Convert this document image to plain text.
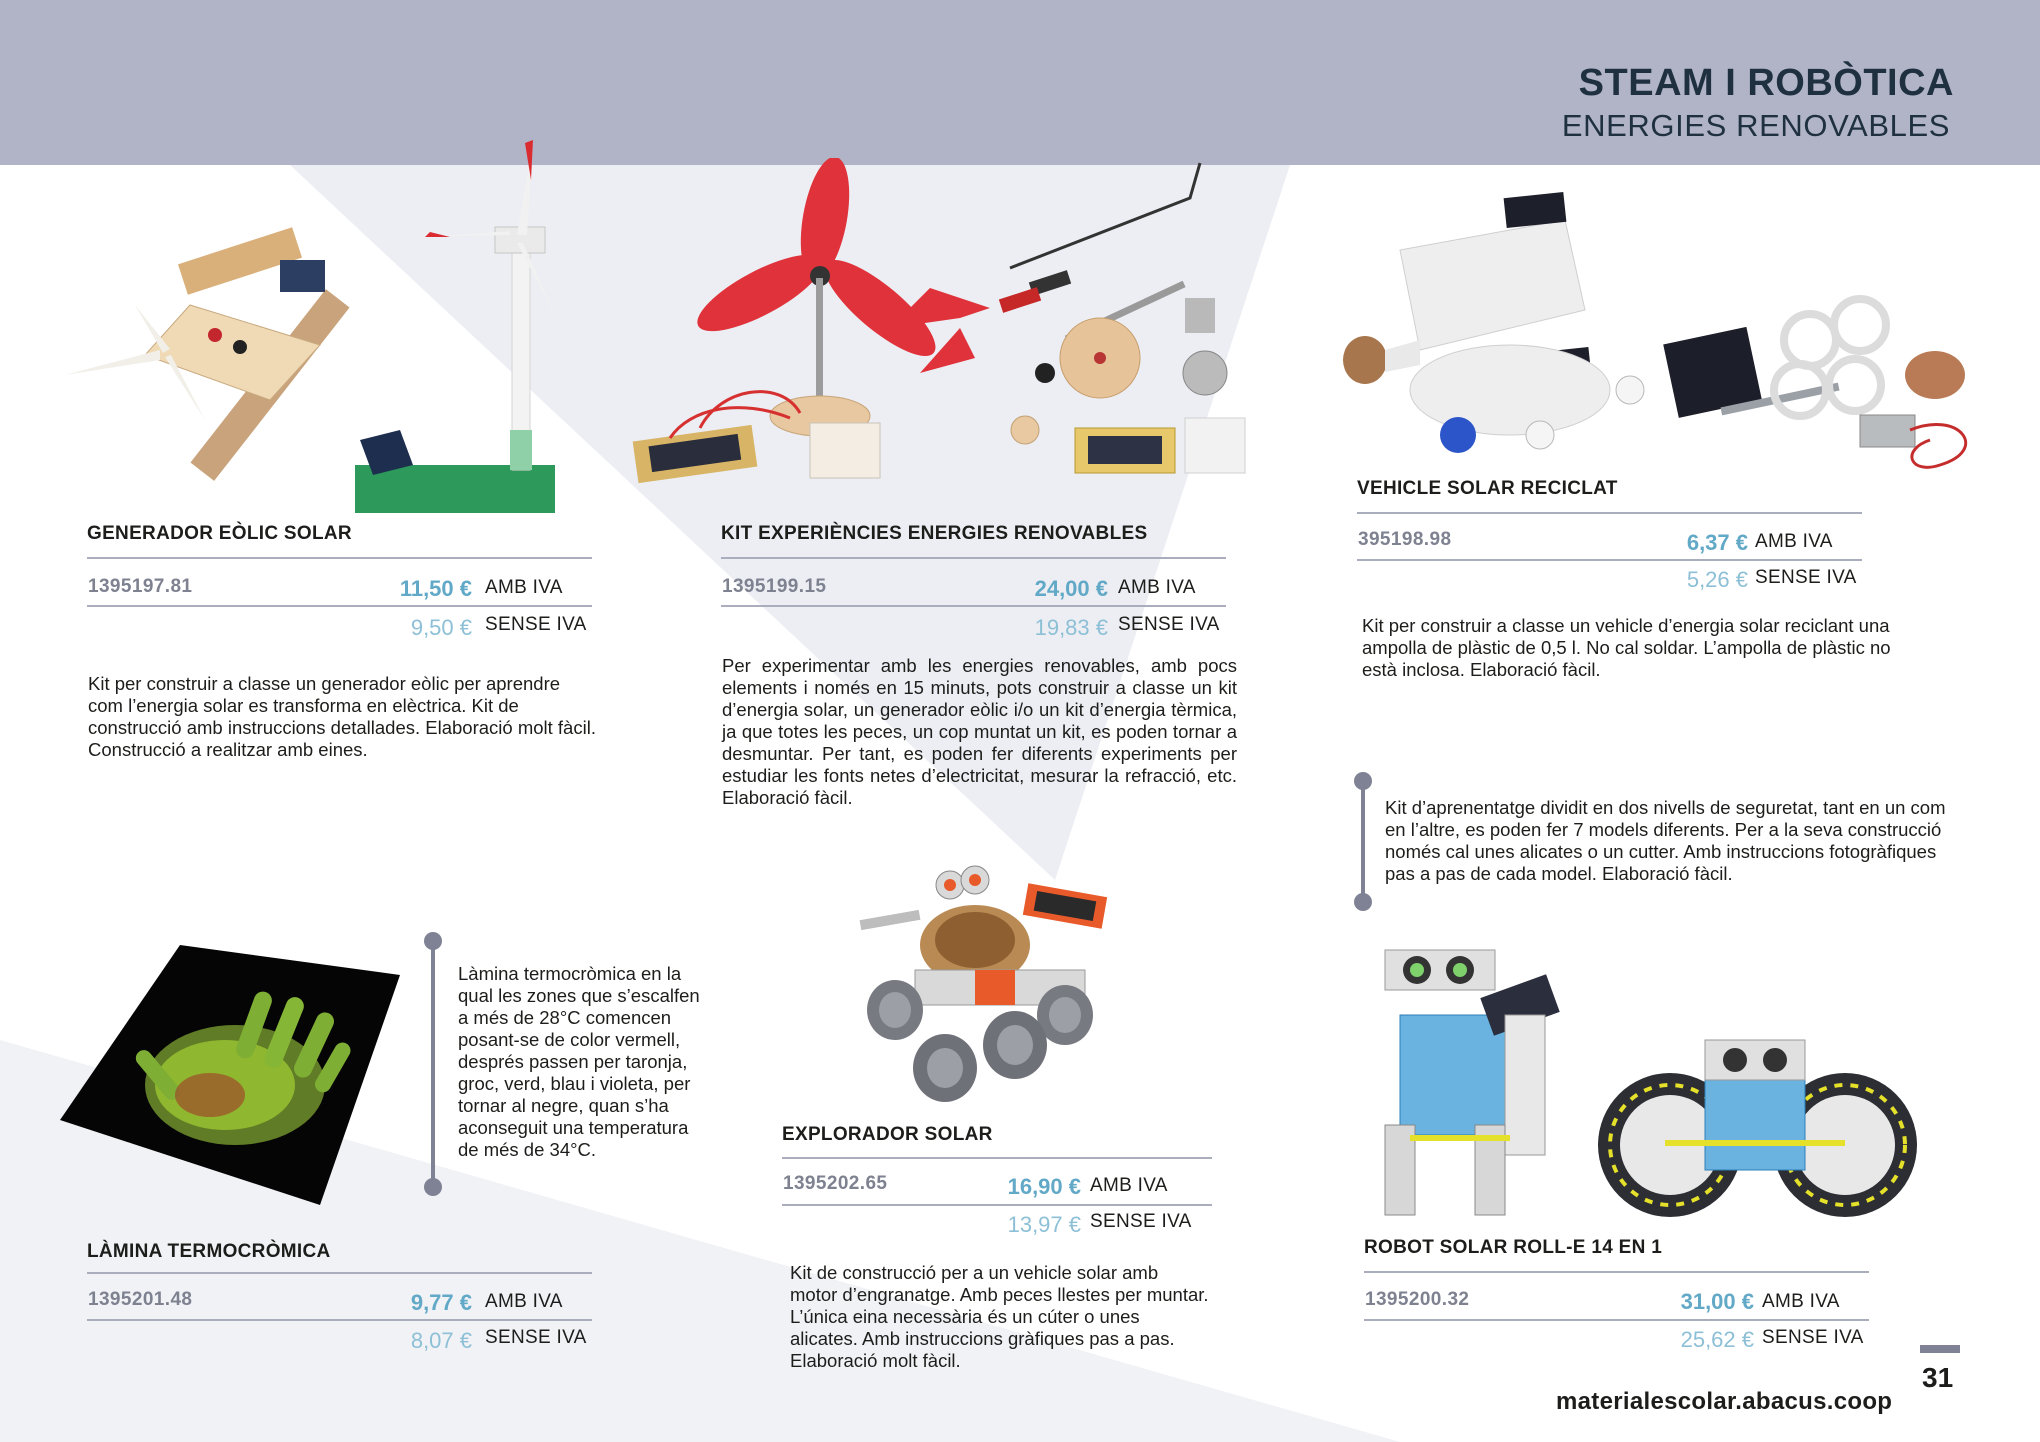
STEAM I ROBÒTICA
ENERGIES RENOVABLES
GENERADOR EÒLIC SOLAR
1395197.81	11,50 € AMB IVA
9,50 € SENSE IVA
Kit per construir a classe un generador eòlic per aprendre com l’energia solar es transforma en elèctrica. Kit de construcció amb instruccions detallades. Elaboració molt fàcil. Construcció a realitzar amb eines.
KIT EXPERIÈNCIES ENERGIES RENOVABLES
1395199.15	24,00 € AMB IVA
19,83 € SENSE IVA
Per experimentar amb les energies renovables, amb pocs elements i només en 15 minuts, pots construir a classe un kit d’energia solar, un generador eòlic i/o un kit d’energia tèrmica, ja que totes les peces, un cop muntat un kit, es poden tornar a desmuntar. Per tant, es poden fer diferents experiments per estudiar les fonts netes d’electricitat, mesurar la refracció, etc. Elaboració fàcil.
VEHICLE SOLAR RECICLAT
395198.98	6,37 € AMB IVA
5,26 € SENSE IVA
Kit per construir a classe un vehicle d’energia solar reciclant una ampolla de plàstic de 0,5 l. No cal soldar. L’ampolla de plàstic no està inclosa. Elaboració fàcil.
Kit d’aprenentatge dividit en dos nivells de seguretat, tant en un com en l’altre, es poden fer 7 models diferents. Per a la seva construcció només cal unes alicates o un cutter. Amb instruccions fotogràfiques pas a pas de cada model. Elaboració fàcil.
Làmina termocròmica en la qual les zones que s’escalfen a més de 28°C comencen posant-se de color vermell, després passen per taronja, groc, verd, blau i violeta, per tornar al negre, quan s’ha aconseguit una temperatura de més de 34°C.
LÀMINA TERMOCRÒMICA
1395201.48	9,77 € AMB IVA
8,07 € SENSE IVA
EXPLORADOR SOLAR
1395202.65	16,90 € AMB IVA
13,97 € SENSE IVA
Kit de construcció per a un vehicle solar amb motor d’engranatge. Amb peces llestes per muntar. L’única eina necessària és un cúter o unes alicates. Amb instruccions gràfiques pas a pas. Elaboració molt fàcil.
ROBOT SOLAR ROLL-E 14 EN 1
1395200.32	31,00 € AMB IVA
25,62 € SENSE IVA
31
materialescolar.abacus.coop
